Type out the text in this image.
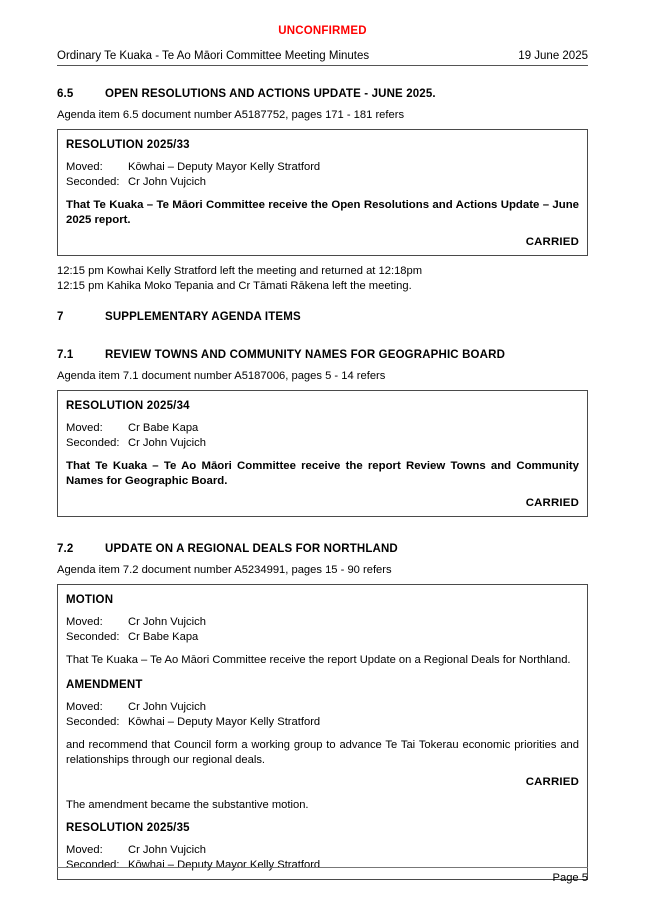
UNCONFIRMED
Ordinary Te Kuaka - Te Ao Māori Committee Meeting Minutes	19 June 2025
6.5	OPEN RESOLUTIONS AND ACTIONS UPDATE - JUNE 2025.
Agenda item 6.5 document number A5187752, pages 171 - 181 refers
RESOLUTION 2025/33
Moved:	Kōwhai – Deputy Mayor Kelly Stratford
Seconded: Cr John Vujcich
That Te Kuaka – Te Māori Committee receive the Open Resolutions and Actions Update – June 2025 report.
CARRIED
12:15 pm Kowhai Kelly Stratford left the meeting and returned at 12:18pm
12:15 pm Kahika Moko Tepania and Cr Tāmati Rākena left the meeting.
7	SUPPLEMENTARY AGENDA ITEMS
7.1	REVIEW TOWNS AND COMMUNITY NAMES FOR GEOGRAPHIC BOARD
Agenda item 7.1 document number A5187006, pages 5 - 14 refers
RESOLUTION 2025/34
Moved:	Cr Babe Kapa
Seconded: Cr John Vujcich
That Te Kuaka – Te Ao Māori Committee receive the report Review Towns and Community Names for Geographic Board.
CARRIED
7.2	UPDATE ON A REGIONAL DEALS FOR NORTHLAND
Agenda item 7.2 document number A5234991, pages 15 - 90 refers
MOTION
Moved:	Cr John Vujcich
Seconded: Cr Babe Kapa
That Te Kuaka – Te Ao Māori Committee receive the report Update on a Regional Deals for Northland.
AMENDMENT
Moved:	Cr John Vujcich
Seconded: Kōwhai – Deputy Mayor Kelly Stratford
and recommend that Council form a working group to advance Te Tai Tokerau economic priorities and relationships through our regional deals.
CARRIED
The amendment became the substantive motion.
RESOLUTION 2025/35
Moved:	Cr John Vujcich
Seconded: Kōwhai – Deputy Mayor Kelly Stratford
Page 5
